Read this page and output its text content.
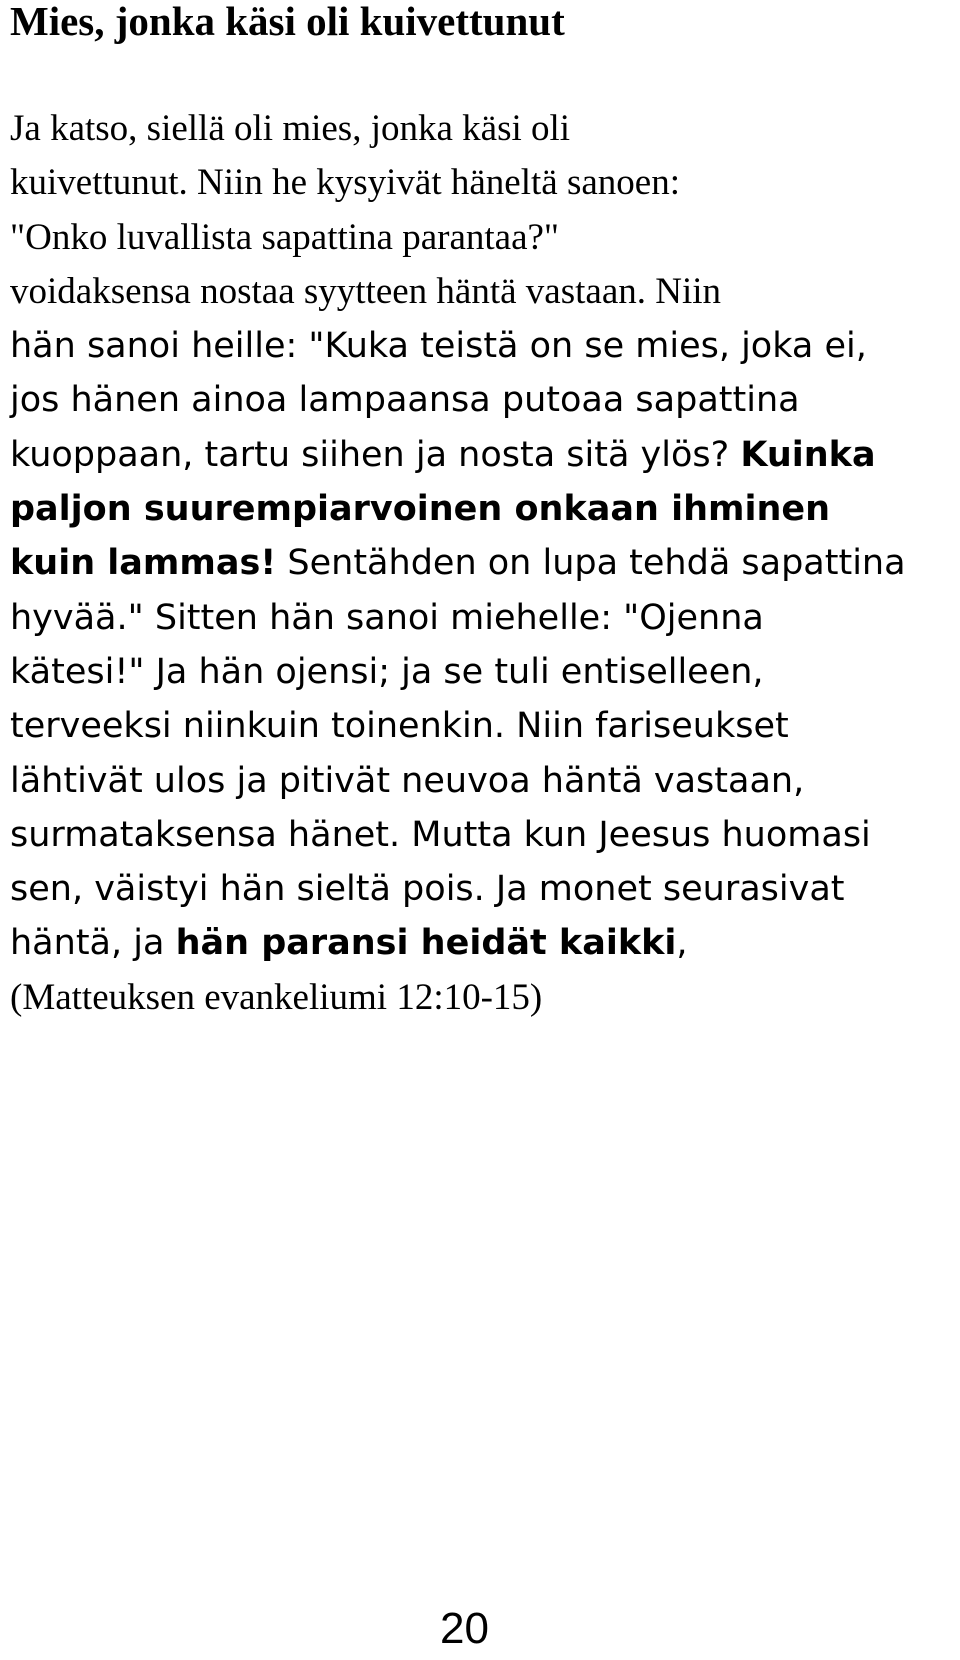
Mies, jonka käsi oli kuivettunut
Ja katso, siellä oli mies, jonka käsi oli
kuivettunut. Niin he kysyivät häneltä sanoen:
"Onko luvallista sapattina parantaa?"
voidaksensa nostaa syytteen häntä vastaan. Niin
hän sanoi heille: "Kuka teistä on se mies, joka ei,
jos hänen ainoa lampaansa putoaa sapattina
kuoppaan, tartu siihen ja nosta sitä ylös? Kuinka
paljon suurempiarvoinen onkaan ihminen
kuin lammas! Sentähden on lupa tehdä sapattina
hyvää." Sitten hän sanoi miehelle: "Ojenna
kätesi!" Ja hän ojensi; ja se tuli entiselleen,
terveeksi niinkuin toinenkin. Niin fariseukset
lähtivät ulos ja pitivät neuvoa häntä vastaan,
surmataksensa hänet. Mutta kun Jeesus huomasi
sen, väistyi hän sieltä pois. Ja monet seurasivat
häntä, ja hän paransi heidät kaikki,
(Matteuksen evankeliumi 12:10-15)
20
